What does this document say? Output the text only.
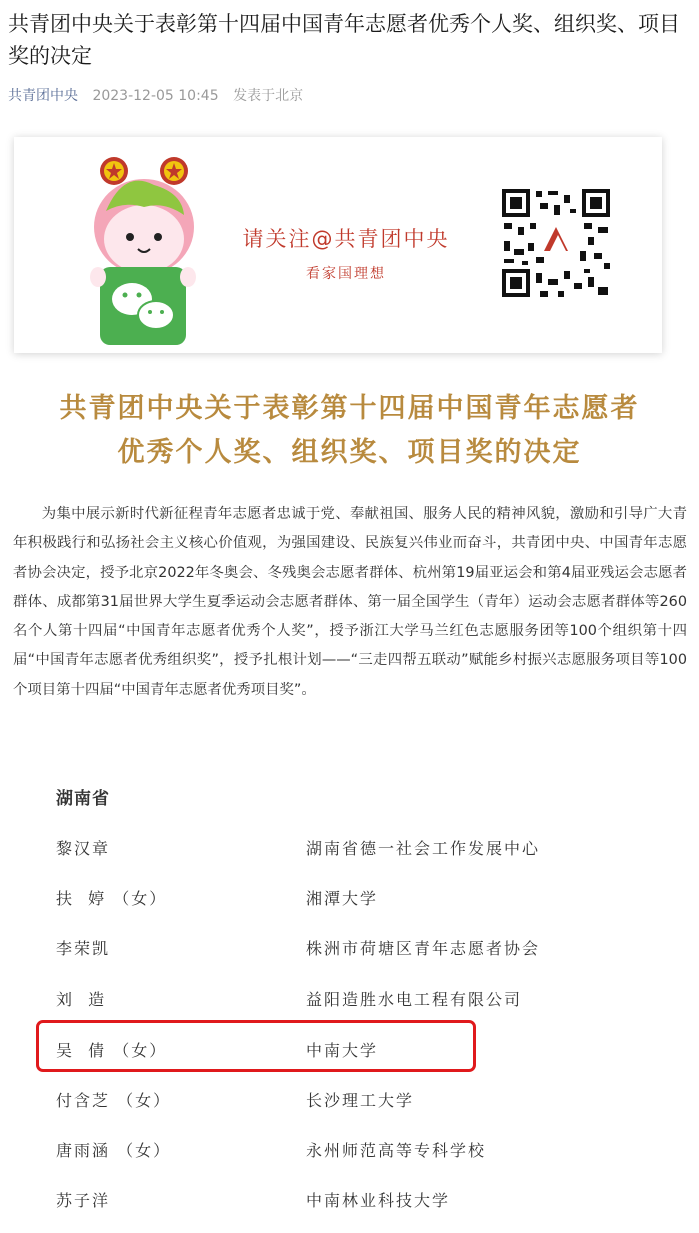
共青团中央关于表彰第十四届中国青年志愿者优秀个人奖、组织奖、项目奖的决定
共青团中央 2023-12-05 10:45 发表于北京
请关注@共青团中央
看家国理想
共青团中央关于表彰第十四届中国青年志愿者
优秀个人奖、组织奖、项目奖的决定

为集中展示新时代新征程青年志愿者忠诚于党、奉献祖国、服务人民的精神风貌，激励和引导广大青年积极践行和弘扬社会主义核心价值观，为强国建设、民族复兴伟业而奋斗，共青团中央、中国青年志愿者协会决定，授予北京2022年冬奥会、冬残奥会志愿者群体、杭州第19届亚运会和第4届亚残运会志愿者群体、成都第31届世界大学生夏季运动会志愿者群体、第一届全国学生（青年）运动会志愿者群体等260名个人第十四届“中国青年志愿者优秀个人奖”，授予浙江大学马兰红色志愿服务团等100个组织第十四届“中国青年志愿者优秀组织奖”，授予扎根计划——“三走四帮五联动”赋能乡村振兴志愿服务项目等100个项目第十四届“中国青年志愿者优秀项目奖”。

湖南省
黎汉章	湖南省德一社会工作发展中心
扶  婷 （女）	湘潭大学
李荣凯	株洲市荷塘区青年志愿者协会
刘  造	益阳造胜水电工程有限公司
吴  倩 （女）	中南大学
付含芝 （女）	长沙理工大学
唐雨涵 （女）	永州师范高等专科学校
苏子洋	中南林业科技大学
